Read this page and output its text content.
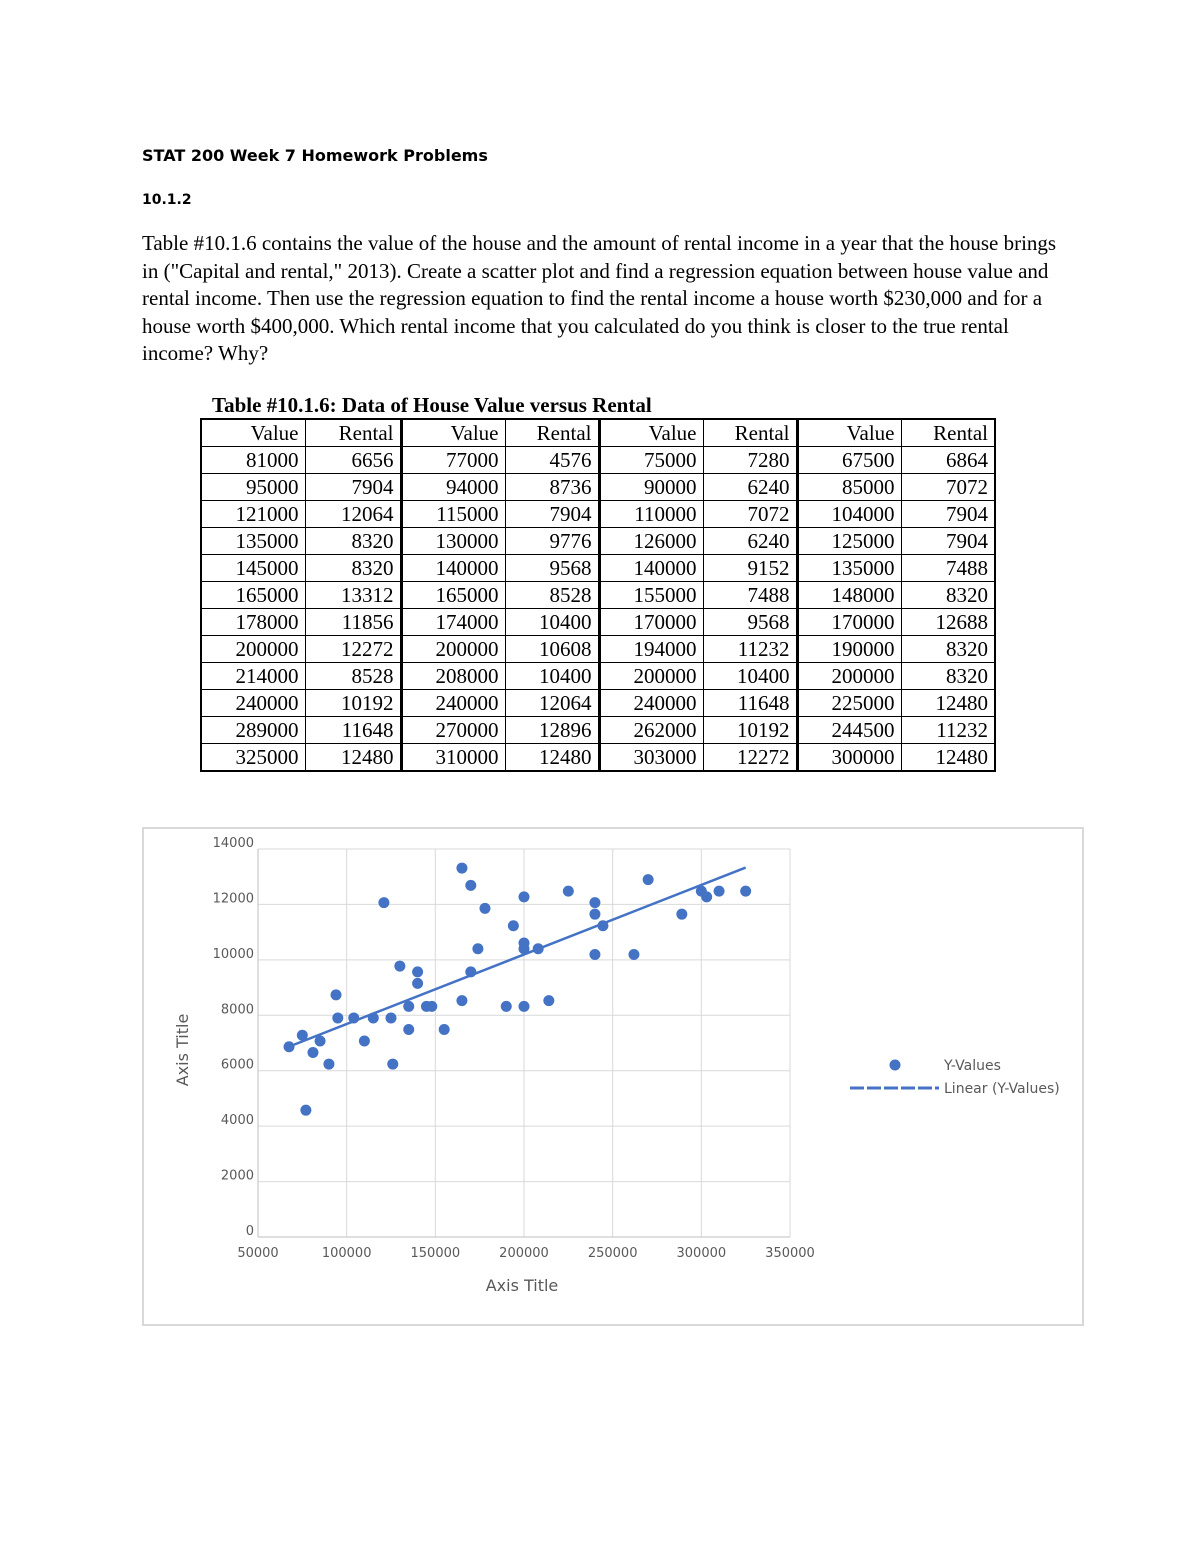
STAT 200 Week 7 Homework Problems
10.1.2
Table #10.1.6 contains the value of the house and the amount of rental income in a year that the house brings in ("Capital and rental," 2013). Create a scatter plot and find a regression equation between house value and rental income. Then use the regression equation to find the rental income a house worth $230,000 and for a house worth $400,000. Which rental income that you calculated do you think is closer to the true rental income? Why?
Table #10.1.6: Data of House Value versus Rental
Value	Rental	Value	Rental	Value	Rental	Value	Rental
81000	6656	77000	4576	75000	7280	67500	6864
95000	7904	94000	8736	90000	6240	85000	7072
121000	12064	115000	7904	110000	7072	104000	7904
135000	8320	130000	9776	126000	6240	125000	7904
145000	8320	140000	9568	140000	9152	135000	7488
165000	13312	165000	8528	155000	7488	148000	8320
178000	11856	174000	10400	170000	9568	170000	12688
200000	12272	200000	10608	194000	11232	190000	8320
214000	8528	208000	10400	200000	10400	200000	8320
240000	10192	240000	12064	240000	11648	225000	12480
289000	11648	270000	12896	262000	10192	244500	11232
325000	12480	310000	12480	303000	12272	300000	12480
0
2000
4000
6000
8000
10000
12000
14000
50000	100000	150000	200000	250000	300000	350000
Axis Title
Axis Title	Y-Values
Linear (Y-Values)
